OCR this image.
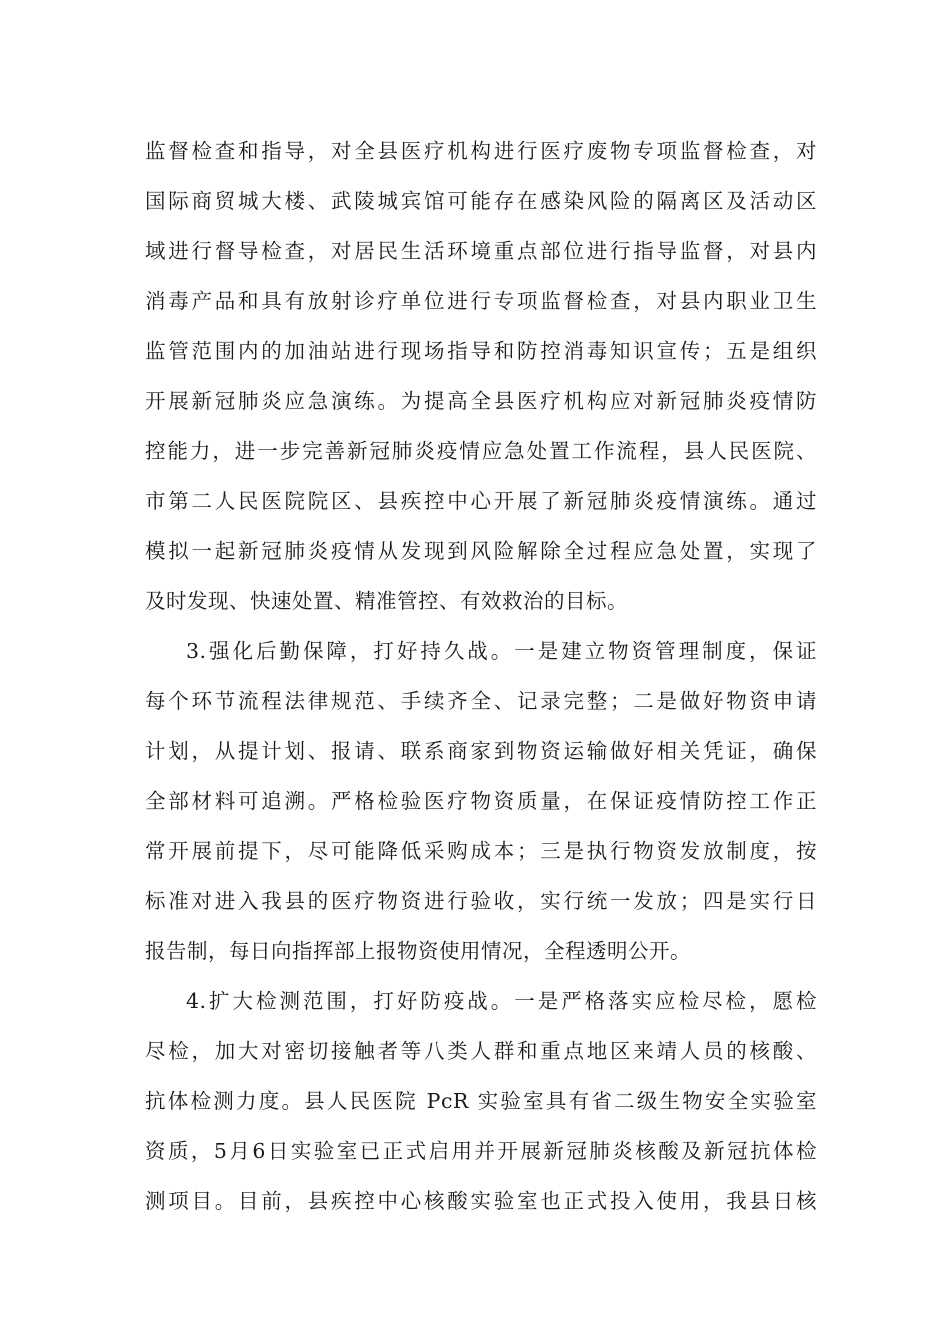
监督检查和指导，对全县医疗机构进行医疗废物专项监督检查，对
国际商贸城大楼、武陵城宾馆可能存在感染风险的隔离区及活动区
域进行督导检查，对居民生活环境重点部位进行指导监督，对县内
消毒产品和具有放射诊疗单位进行专项监督检查，对县内职业卫生
监管范围内的加油站进行现场指导和防控消毒知识宣传；五是组织
开展新冠肺炎应急演练。为提高全县医疗机构应对新冠肺炎疫情防
控能力，进一步完善新冠肺炎疫情应急处置工作流程，县人民医院、
市第二人民医院院区、县疾控中心开展了新冠肺炎疫情演练。通过
模拟一起新冠肺炎疫情从发现到风险解除全过程应急处置，实现了
及时发现、快速处置、精准管控、有效救治的目标。
3.强化后勤保障，打好持久战。一是建立物资管理制度，保证
每个环节流程法律规范、手续齐全、记录完整；二是做好物资申请
计划，从提计划、报请、联系商家到物资运输做好相关凭证，确保
全部材料可追溯。严格检验医疗物资质量，在保证疫情防控工作正
常开展前提下，尽可能降低采购成本；三是执行物资发放制度，按
标准对进入我县的医疗物资进行验收，实行统一发放；四是实行日
报告制，每日向指挥部上报物资使用情况，全程透明公开。
4.扩大检测范围，打好防疫战。一是严格落实应检尽检，愿检
尽检，加大对密切接触者等八类人群和重点地区来靖人员的核酸、
抗体检测力度。县人民医院 PcR 实验室具有省二级生物安全实验室
资质，5月6日实验室已正式启用并开展新冠肺炎核酸及新冠抗体检
测项目。目前，县疾控中心核酸实验室也正式投入使用，我县日核
